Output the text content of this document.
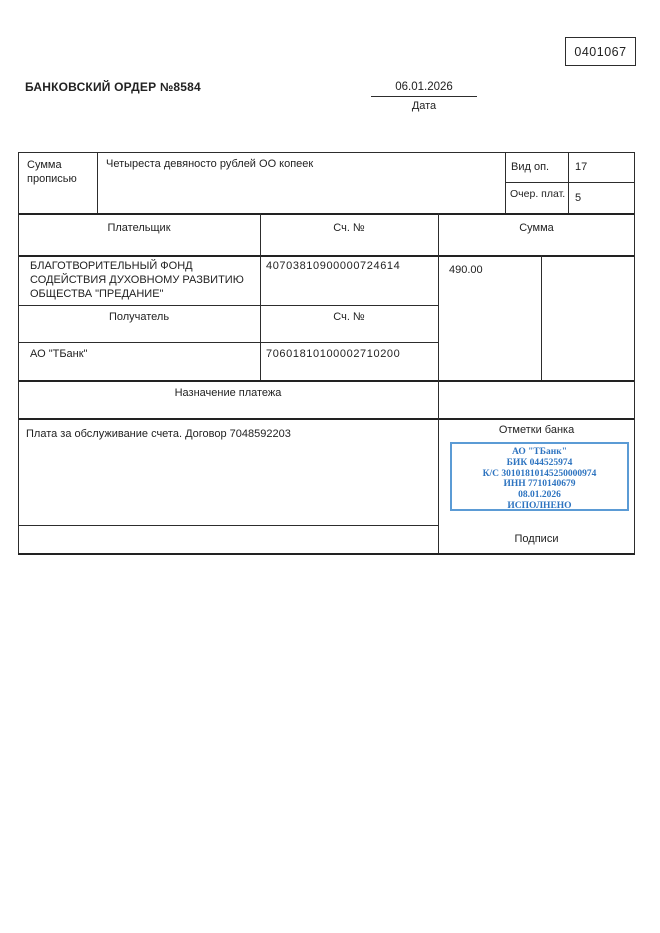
0401067
БАНКОВСКИЙ ОРДЕР №8584	06.01.2026
Дата
Сумма прописью
Четыреста девяносто рублей ОО копеек	Вид оп. 17
Очер. плат. 5
Плательщик	Сч. №	Сумма
БЛАГОТВОРИТЕЛЬНЫЙ ФОНД СОДЕЙСТВИЯ ДУХОВНОМУ РАЗВИТИЮ ОБЩЕСТВА "ПРЕДАНИЕ"
40703810900000724614	490.00
Получатель	Сч. №
АО "ТБанк"	70601810100002710200
Назначение платежа
Плата за обслуживание счета. Договор 7048592203	Отметки банка
АО "ТБанк"
БИК 044525974
К/С 30101810145250000974
ИНН 7710140679
08.01.2026
ИСПОЛНЕНО
Подписи
